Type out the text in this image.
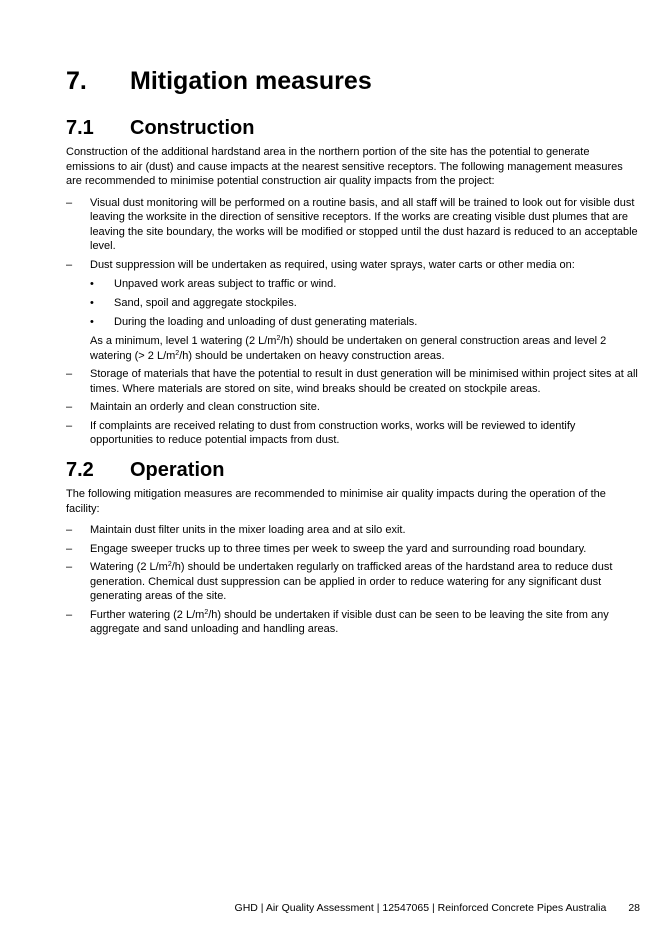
7. Mitigation measures
7.1 Construction

Construction of the additional hardstand area in the northern portion of the site has the potential to generate emissions to air (dust) and cause impacts at the nearest sensitive receptors. The following management measures are recommended to minimise potential construction air quality impacts from the project:

– Visual dust monitoring will be performed on a routine basis, and all staff will be trained to look out for visible dust leaving the worksite in the direction of sensitive receptors. If the works are creating visible dust plumes that are leaving the site boundary, the works will be modified or stopped until the dust hazard is reduced to an acceptable level.
– Dust suppression will be undertaken as required, using water sprays, water carts or other media on:
• Unpaved work areas subject to traffic or wind.
• Sand, spoil and aggregate stockpiles.
• During the loading and unloading of dust generating materials.

As a minimum, level 1 watering (2 $L/m^2/h$) should be undertaken on general construction areas and level 2 watering (> 2 $L/m^2/h$) should be undertaken on heavy construction areas.

– Storage of materials that have the potential to result in dust generation will be minimised within project sites at all times. Where materials are stored on site, wind breaks should be created on stockpile areas.
– Maintain an orderly and clean construction site.
– If complaints are received relating to dust from construction works, works will be reviewed to identify opportunities to reduce potential impacts from dust.
7.2 Operation

The following mitigation measures are recommended to minimise air quality impacts during the operation of the facility:

– Maintain dust filter units in the mixer loading area and at silo exit.
– Engage sweeper trucks up to three times per week to sweep the yard and surrounding road boundary.
– Watering (2 $L/m^2/h$) should be undertaken regularly on trafficked areas of the hardstand area to reduce dust generation. Chemical dust suppression can be applied in order to reduce watering for any significant dust generating areas of the site.
– Further watering (2 $L/m^2/h$) should be undertaken if visible dust can be seen to be leaving the site from any aggregate and sand unloading and handling areas.
GHD | Air Quality Assessment | 12547065 | Reinforced Concrete Pipes Australia 28
